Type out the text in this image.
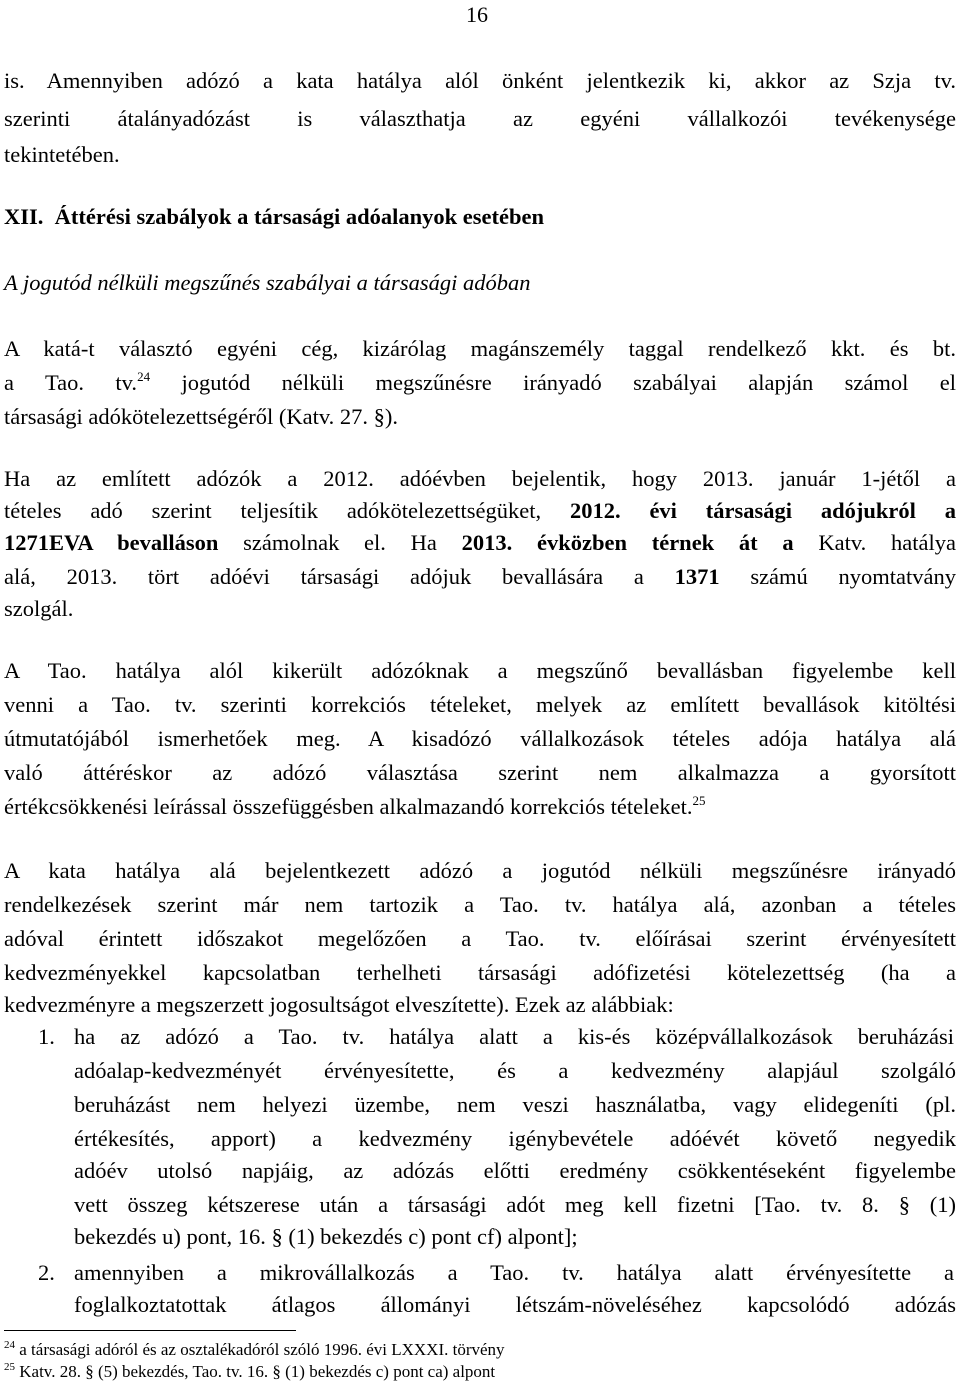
16
is. Amennyiben adózó a kata hatálya alól önként jelentkezik ki, akkor az Szja tv.
szerinti átalányadózást is választhatja az egyéni vállalkozói tevékenysége
tekintetében.
XII. Áttérési szabályok a társasági adóalanyok esetében
A jogutód nélküli megszűnés szabályai a társasági adóban
A katá-t választó egyéni cég, kizárólag magánszemély taggal rendelkező kkt. és bt.
a Tao. tv.$^{24}$ jogutód nélküli megszűnésre irányadó szabályai alapján számol el
társasági adókötelezettségéről (Katv. 27. §).
Ha az említett adózók a 2012. adóévben bejelentik, hogy 2013. január 1-jétől a
tételes adó szerint teljesítik adókötelezettségüket, 2012. évi társasági adójukról a
1271EVA bevalláson számolnak el. Ha 2013. évközben térnek át a Katv. hatálya
alá, 2013. tört adóévi társasági adójuk bevallására a 1371 számú nyomtatvány
szolgál.
A Tao. hatálya alól kikerült adózóknak a megszűnő bevallásban figyelembe kell
venni a Tao. tv. szerinti korrekciós tételeket, melyek az említett bevallások kitöltési
útmutatójából ismerhetőek meg. A kisadózó vállalkozások tételes adója hatálya alá
való áttéréskor az adózó választása szerint nem alkalmazza a gyorsított
értékcsökkenési leírással összefüggésben alkalmazandó korrekciós tételeket.$^{25}$
A kata hatálya alá bejelentkezett adózó a jogutód nélküli megszűnésre irányadó
rendelkezések szerint már nem tartozik a Tao. tv. hatálya alá, azonban a tételes
adóval érintett időszakot megelőzően a Tao. tv. előírásai szerint érvényesített
kedvezményekkel kapcsolatban terhelheti társasági adófizetési kötelezettség (ha a
kedvezményre a megszerzett jogosultságot elveszítette). Ezek az alábbiak:
1. ha az adózó a Tao. tv. hatálya alatt a kis-és középvállalkozások beruházási
adóalap-kedvezményét érvényesítette, és a kedvezmény alapjául szolgáló
beruházást nem helyezi üzembe, nem veszi használatba, vagy elidegeníti (pl.
értékesítés, apport) a kedvezmény igénybevétele adóévét követő negyedik
adóév utolsó napjáig, az adózás előtti eredmény csökkentéseként figyelembe
vett összeg kétszerese után a társasági adót meg kell fizetni [Tao. tv. 8. § (1)
bekezdés u) pont, 16. § (1) bekezdés c) pont cf) alpont];
2. amennyiben a mikrovállalkozás a Tao. tv. hatálya alatt érvényesítette a
foglalkoztatottak átlagos állományi létszám-növeléséhez kapcsolódó adózás
$^{24}$ a társasági adóról és az osztalékadóról szóló 1996. évi LXXXI. törvény
$^{25}$ Katv. 28. § (5) bekezdés, Tao. tv. 16. § (1) bekezdés c) pont ca) alpont
